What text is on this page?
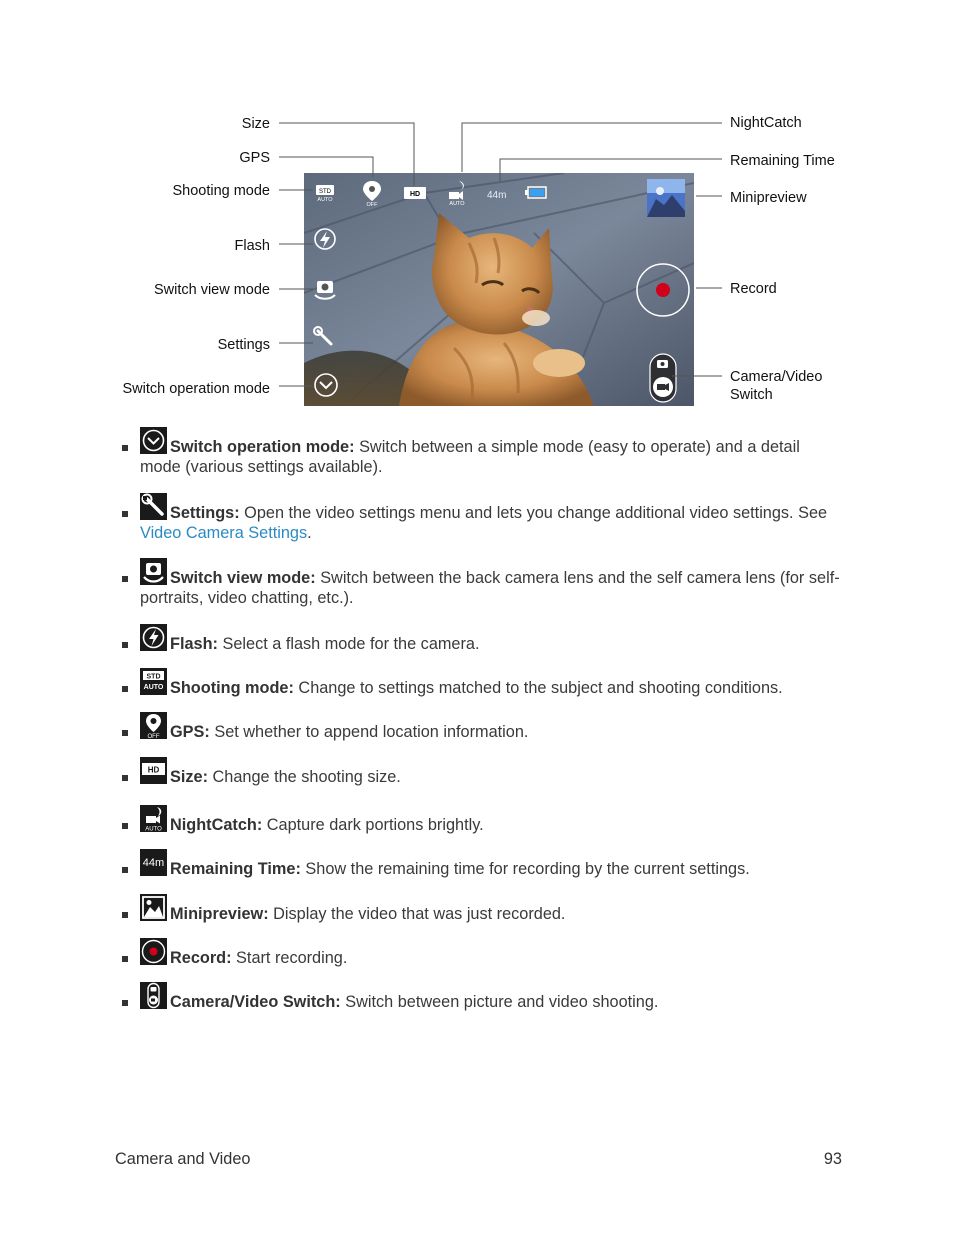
Size
GPS
Shooting mode
Flash
Switch view mode
Settings
Switch operation mode
NightCatch
Remaining Time
Minipreview
Record
Camera/Video
Switch
STD
AUTO
OFF
HD
AUTO
44m
Switch operation mode: Switch between a simple mode (easy to operate) and a detail mode (various settings available).
Settings: Open the video settings menu and lets you change additional video settings. See Video Camera Settings.
Switch view mode: Switch between the back camera lens and the self camera lens (for self-portraits, video chatting, etc.).
Flash: Select a flash mode for the camera.
STD
AUTO Shooting mode: Change to settings matched to the subject and shooting conditions.
OFF GPS: Set whether to append location information.
HD Size: Change the shooting size.
AUTO NightCatch: Capture dark portions brightly.
44m Remaining Time: Show the remaining time for recording by the current settings.
Minipreview: Display the video that was just recorded.
Record: Start recording.
Camera/Video Switch: Switch between picture and video shooting.
Camera and Video	93
